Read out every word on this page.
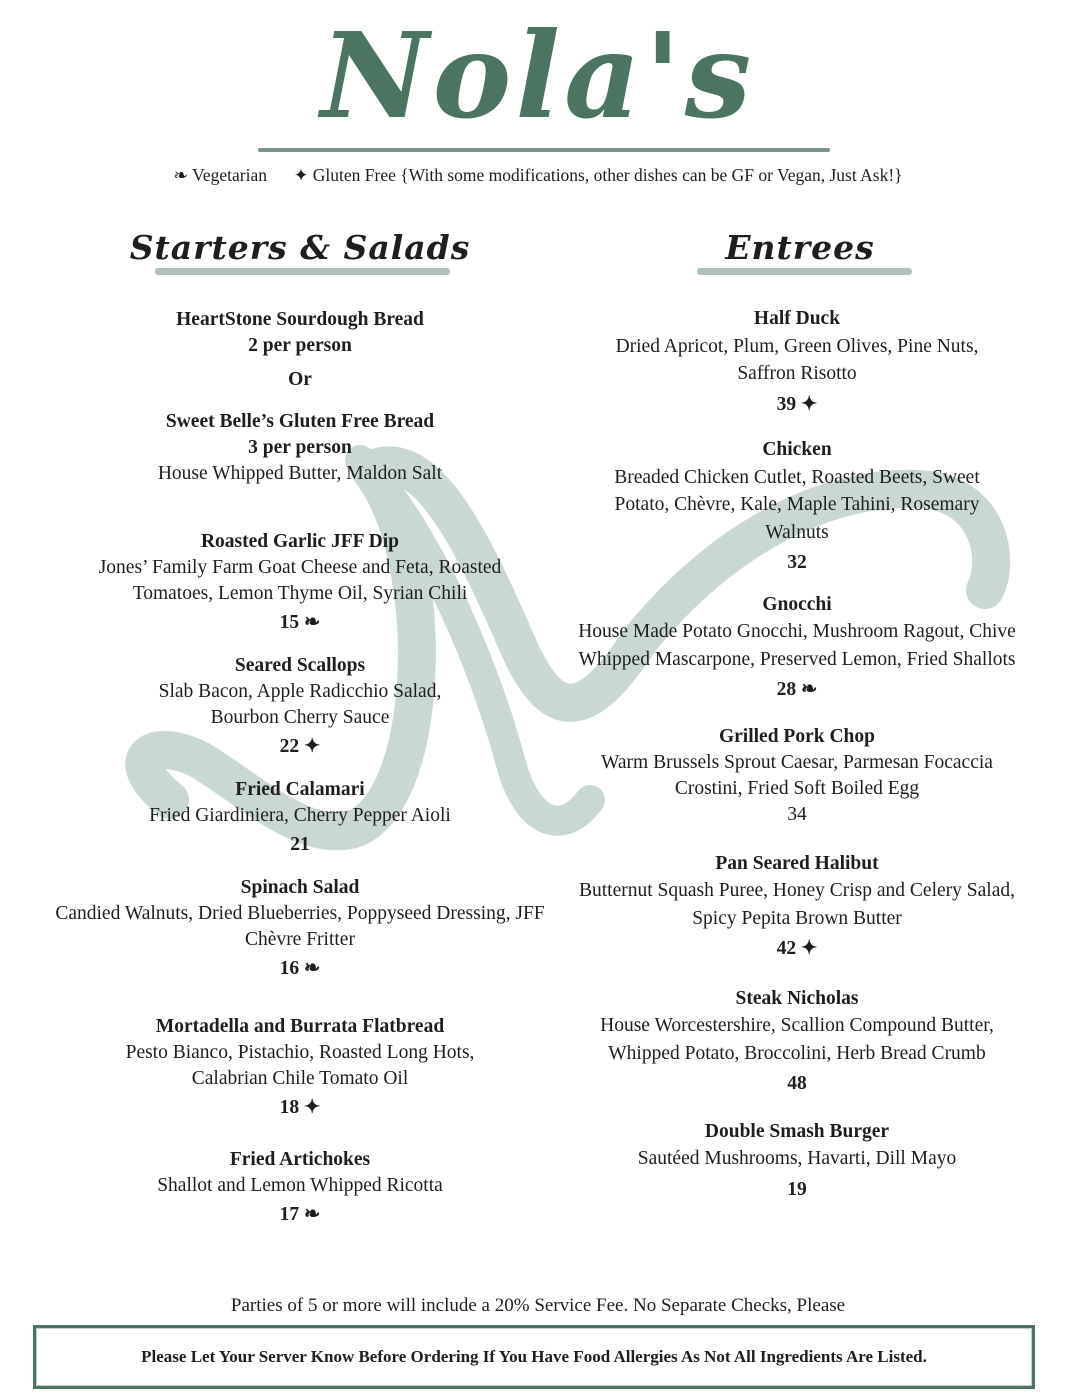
Nola's
❧ Vegetarian ✦ Gluten Free {With some modifications, other dishes can be GF or Vegan, Just Ask!}
Starters & Salads	Entrees
HeartStone Sourdough Bread
2 per person
Or
Sweet Belle’s Gluten Free Bread
3 per person
House Whipped Butter, Maldon Salt
Roasted Garlic JFF Dip
Jones’ Family Farm Goat Cheese and Feta, Roasted Tomatoes, Lemon Thyme Oil, Syrian Chili
15 ❧
Seared Scallops
Slab Bacon, Apple Radicchio Salad, Bourbon Cherry Sauce
22 ✦
Fried Calamari
Fried Giardiniera, Cherry Pepper Aioli
21
Spinach Salad
Candied Walnuts, Dried Blueberries, Poppyseed Dressing, JFF Chèvre Fritter
16 ❧
Mortadella and Burrata Flatbread
Pesto Bianco, Pistachio, Roasted Long Hots, Calabrian Chile Tomato Oil
18 ✦
Fried Artichokes
Shallot and Lemon Whipped Ricotta
17 ❧
Half Duck
Dried Apricot, Plum, Green Olives, Pine Nuts, Saffron Risotto
39 ✦
Chicken
Breaded Chicken Cutlet, Roasted Beets, Sweet Potato, Chèvre, Kale, Maple Tahini, Rosemary Walnuts
32
Gnocchi
House Made Potato Gnocchi, Mushroom Ragout, Chive Whipped Mascarpone, Preserved Lemon, Fried Shallots
28 ❧
Grilled Pork Chop
Warm Brussels Sprout Caesar, Parmesan Focaccia Crostini, Fried Soft Boiled Egg
34
Pan Seared Halibut
Butternut Squash Puree, Honey Crisp and Celery Salad, Spicy Pepita Brown Butter
42 ✦
Steak Nicholas
House Worcestershire, Scallion Compound Butter, Whipped Potato, Broccolini, Herb Bread Crumb
48
Double Smash Burger
Sautéed Mushrooms, Havarti, Dill Mayo
19
Parties of 5 or more will include a 20% Service Fee. No Separate Checks, Please
Please Let Your Server Know Before Ordering If You Have Food Allergies As Not All Ingredients Are Listed.
